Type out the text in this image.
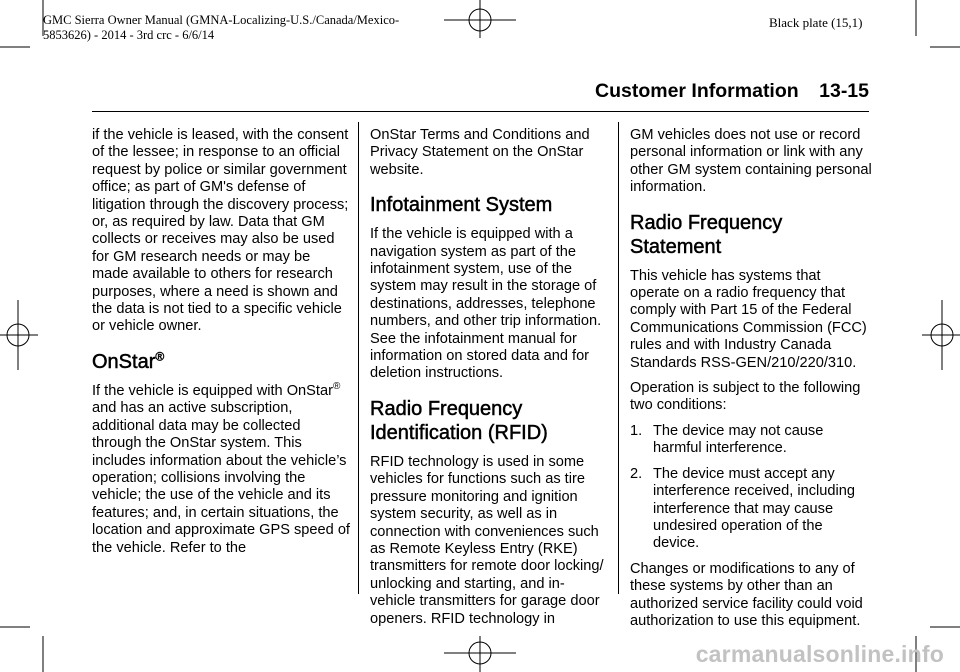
GMC Sierra Owner Manual (GMNA-Localizing-U.S./Canada/Mexico-
5853626) - 2014 - 3rd crc - 6/6/14
Black plate (15,1)
Customer Information 13-15

if the vehicle is leased, with the consent of the lessee; in response to an official request by police or similar government office; as part of GM's defense of litigation through the discovery process; or, as required by law. Data that GM collects or receives may also be used for GM research needs or may be made available to others for research purposes, where a need is shown and the data is not tied to a specific vehicle or vehicle owner.

OnStar®

If the vehicle is equipped with OnStar® and has an active subscription, additional data may be collected through the OnStar system. This includes information about the vehicle’s operation; collisions involving the vehicle; the use of the vehicle and its features; and, in certain situations, the location and approximate GPS speed of the vehicle. Refer to the

OnStar Terms and Conditions and Privacy Statement on the OnStar website.

Infotainment System

If the vehicle is equipped with a navigation system as part of the infotainment system, use of the system may result in the storage of destinations, addresses, telephone numbers, and other trip information. See the infotainment manual for information on stored data and for deletion instructions.

Radio Frequency Identification (RFID)

RFID technology is used in some vehicles for functions such as tire pressure monitoring and ignition system security, as well as in connection with conveniences such as Remote Keyless Entry (RKE) transmitters for remote door locking/ unlocking and starting, and in-vehicle transmitters for garage door openers. RFID technology in

GM vehicles does not use or record personal information or link with any other GM system containing personal information.

Radio Frequency Statement

This vehicle has systems that operate on a radio frequency that comply with Part 15 of the Federal Communications Commission (FCC) rules and with Industry Canada Standards RSS-GEN/210/220/310.

Operation is subject to the following two conditions:

1. The device may not cause harmful interference.
2. The device must accept any interference received, including interference that may cause undesired operation of the device.

Changes or modifications to any of these systems by other than an authorized service facility could void authorization to use this equipment.

carmanualsonline.info
